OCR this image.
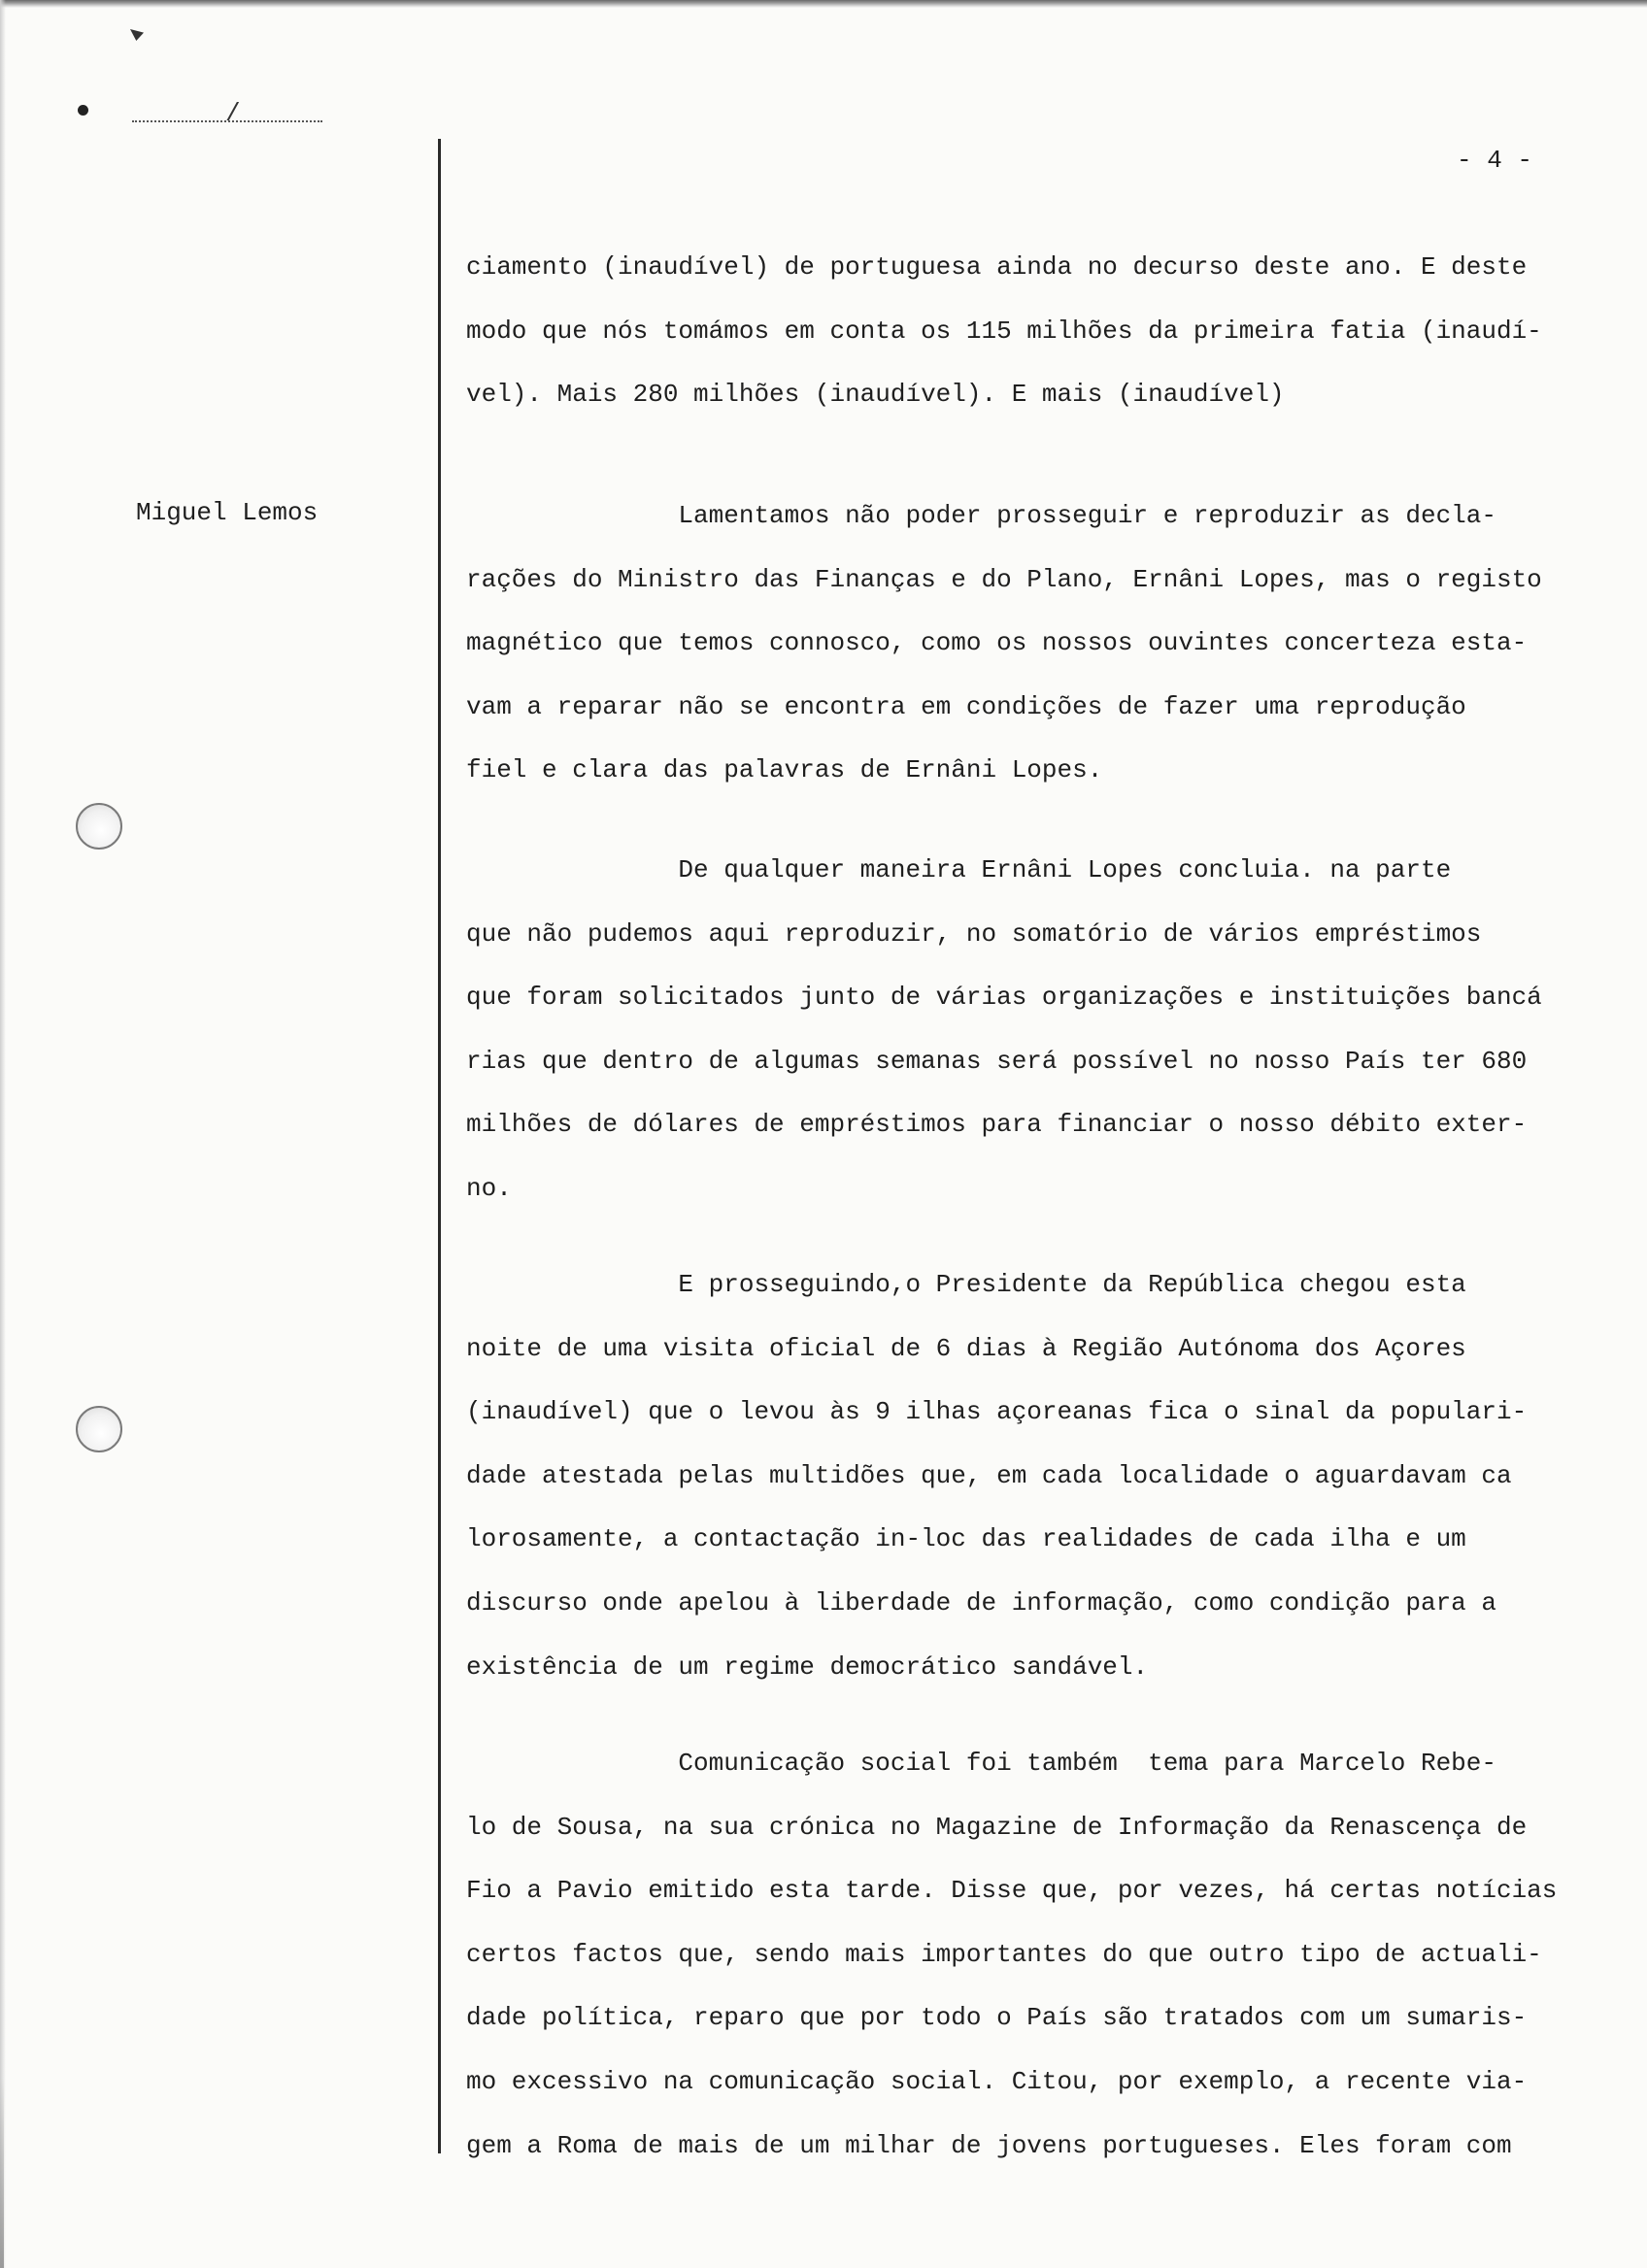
/
- 4 -
Miguel Lemos
ciamento (inaudível) de portuguesa ainda no decurso deste ano. E deste
modo que nós tomámos em conta os 115 milhões da primeira fatia (inaudí-
vel). Mais 280 milhões (inaudível). E mais (inaudível)
Lamentamos não poder prosseguir e reproduzir as decla-
rações do Ministro das Finanças e do Plano, Ernâni Lopes, mas o registo
magnético que temos connosco, como os nossos ouvintes concerteza esta-
vam a reparar não se encontra em condições de fazer uma reprodução
fiel e clara das palavras de Ernâni Lopes.
De qualquer maneira Ernâni Lopes concluia. na parte
que não pudemos aqui reproduzir, no somatório de vários empréstimos
que foram solicitados junto de várias organizações e instituições bancá
rias que dentro de algumas semanas será possível no nosso País ter 680
milhões de dólares de empréstimos para financiar o nosso débito exter-
no.
E prosseguindo,o Presidente da República chegou esta
noite de uma visita oficial de 6 dias à Região Autónoma dos Açores
(inaudível) que o levou às 9 ilhas açoreanas fica o sinal da populari-
dade atestada pelas multidões que, em cada localidade o aguardavam ca
lorosamente, a contactação in-loc das realidades de cada ilha e um
discurso onde apelou à liberdade de informação, como condição para a
existência de um regime democrático sandável.
Comunicação social foi também  tema para Marcelo Rebe-
lo de Sousa, na sua crónica no Magazine de Informação da Renascença de
Fio a Pavio emitido esta tarde. Disse que, por vezes, há certas notícias
certos factos que, sendo mais importantes do que outro tipo de actuali-
dade política, reparo que por todo o País são tratados com um sumaris-
mo excessivo na comunicação social. Citou, por exemplo, a recente via-
gem a Roma de mais de um milhar de jovens portugueses. Eles foram com
